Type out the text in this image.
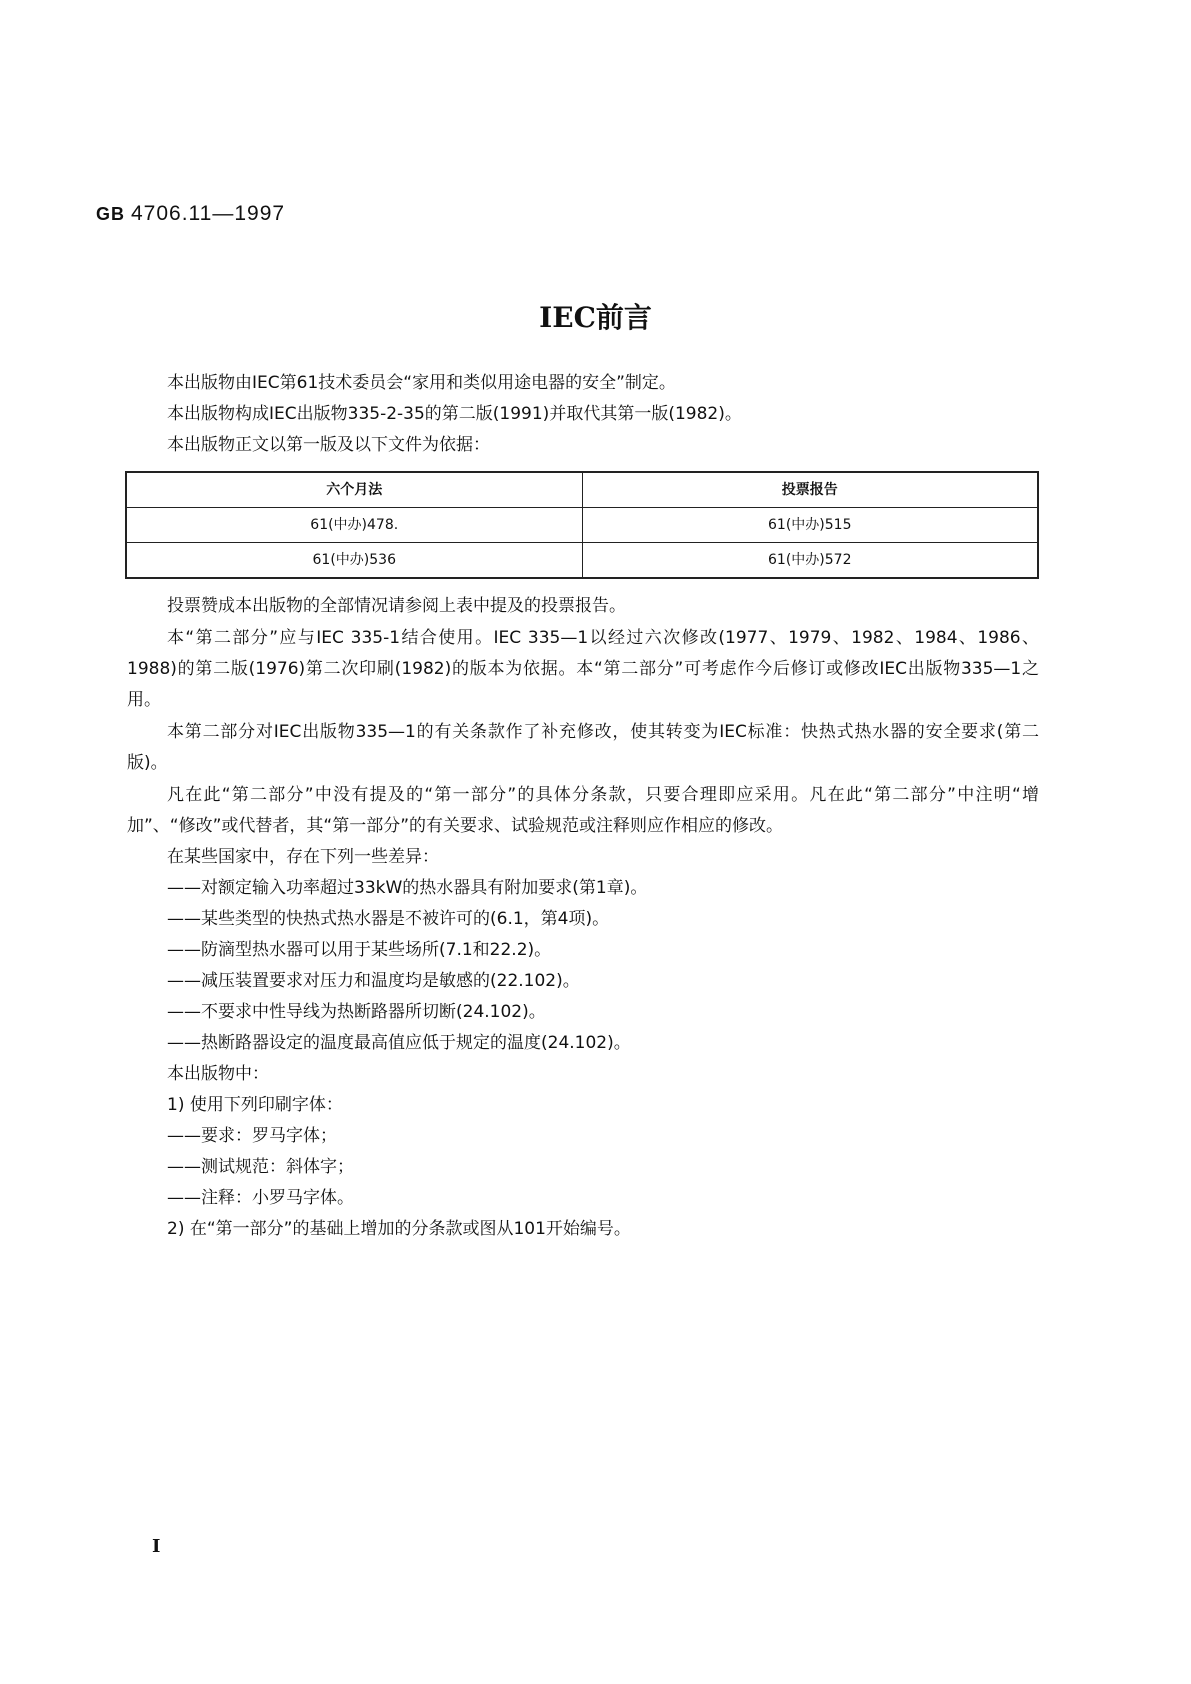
GB 4706.11—1997
IEC前言

本出版物由IEC第61技术委员会“家用和类似用途电器的安全”制定。

本出版物构成IEC出版物335-2-35的第二版(1991)并取代其第一版(1982)。

本出版物正文以第一版及以下文件为依据：

六个月法	投票报告
61(中办)478.	61(中办)515
61(中办)536	61(中办)572

投票赞成本出版物的全部情况请参阅上表中提及的投票报告。

本“第二部分”应与IEC 335-1结合使用。IEC 335—1以经过六次修改(1977、1979、1982、1984、1986、1988)的第二版(1976)第二次印刷(1982)的版本为依据。本“第二部分”可考虑作今后修订或修改IEC出版物335—1之用。

本第二部分对IEC出版物335—1的有关条款作了补充修改，使其转变为IEC标准：快热式热水器的安全要求(第二版)。

凡在此“第二部分”中没有提及的“第一部分”的具体分条款，只要合理即应采用。凡在此“第二部分”中注明“增加”、“修改”或代替者，其“第一部分”的有关要求、试验规范或注释则应作相应的修改。

在某些国家中，存在下列一些差异：

——对额定输入功率超过33kW的热水器具有附加要求(第1章)。

——某些类型的快热式热水器是不被许可的(6.1，第4项)。

——防滴型热水器可以用于某些场所(7.1和22.2)。

——减压装置要求对压力和温度均是敏感的(22.102)。

——不要求中性导线为热断路器所切断(24.102)。

——热断路器设定的温度最高值应低于规定的温度(24.102)。

本出版物中：

1) 使用下列印刷字体：

——要求：罗马字体；

——测试规范：斜体字；

——注释：小罗马字体。

2) 在“第一部分”的基础上增加的分条款或图从101开始编号。

I
